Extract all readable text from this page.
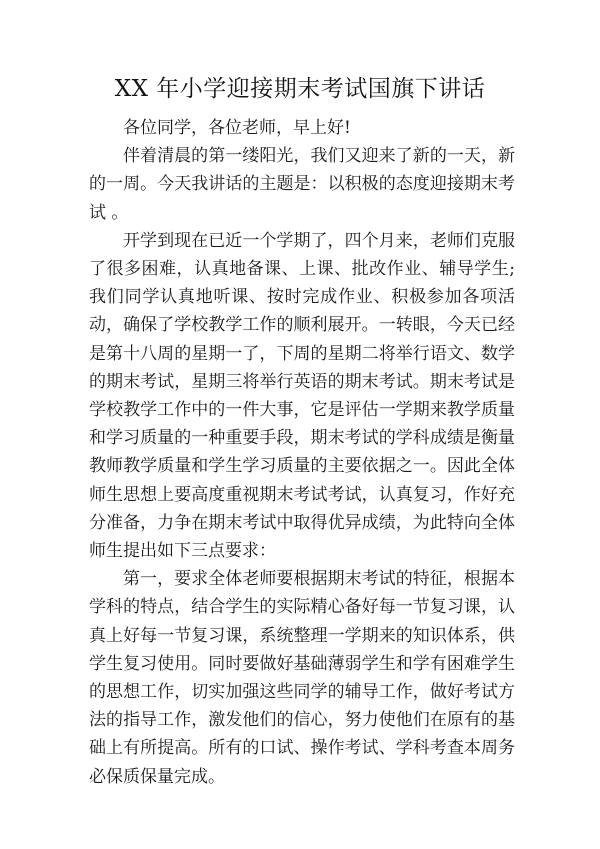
XX 年小学迎接期末考试国旗下讲话

各位同学，各位老师，早上好!

伴着清晨的第一缕阳光，我们又迎来了新的一天，新的一周。今天我讲话的主题是：以积极的态度迎接期末考试 。

开学到现在已近一个学期了，四个月来，老师们克服了很多困难，认真地备课、上课、批改作业、辅导学生;我们同学认真地听课、按时完成作业、积极参加各项活动，确保了学校教学工作的顺利展开。一转眼，今天已经是第十八周的星期一了，下周的星期二将举行语文、数学的期末考试，星期三将举行英语的期末考试。期末考试是学校教学工作中的一件大事，它是评估一学期来教学质量和学习质量的一种重要手段，期末考试的学科成绩是衡量教师教学质量和学生学习质量的主要依据之一。因此全体师生思想上要高度重视期末考试考试，认真复习，作好充分准备，力争在期末考试中取得优异成绩，为此特向全体师生提出如下三点要求：

第一，要求全体老师要根据期末考试的特征，根据本学科的特点，结合学生的实际精心备好每一节复习课，认真上好每一节复习课，系统整理一学期来的知识体系，供学生复习使用。同时要做好基础薄弱学生和学有困难学生的思想工作，切实加强这些同学的辅导工作，做好考试方法的指导工作，激发他们的信心，努力使他们在原有的基础上有所提高。所有的口试、操作考试、学科考查本周务必保质保量完成。
